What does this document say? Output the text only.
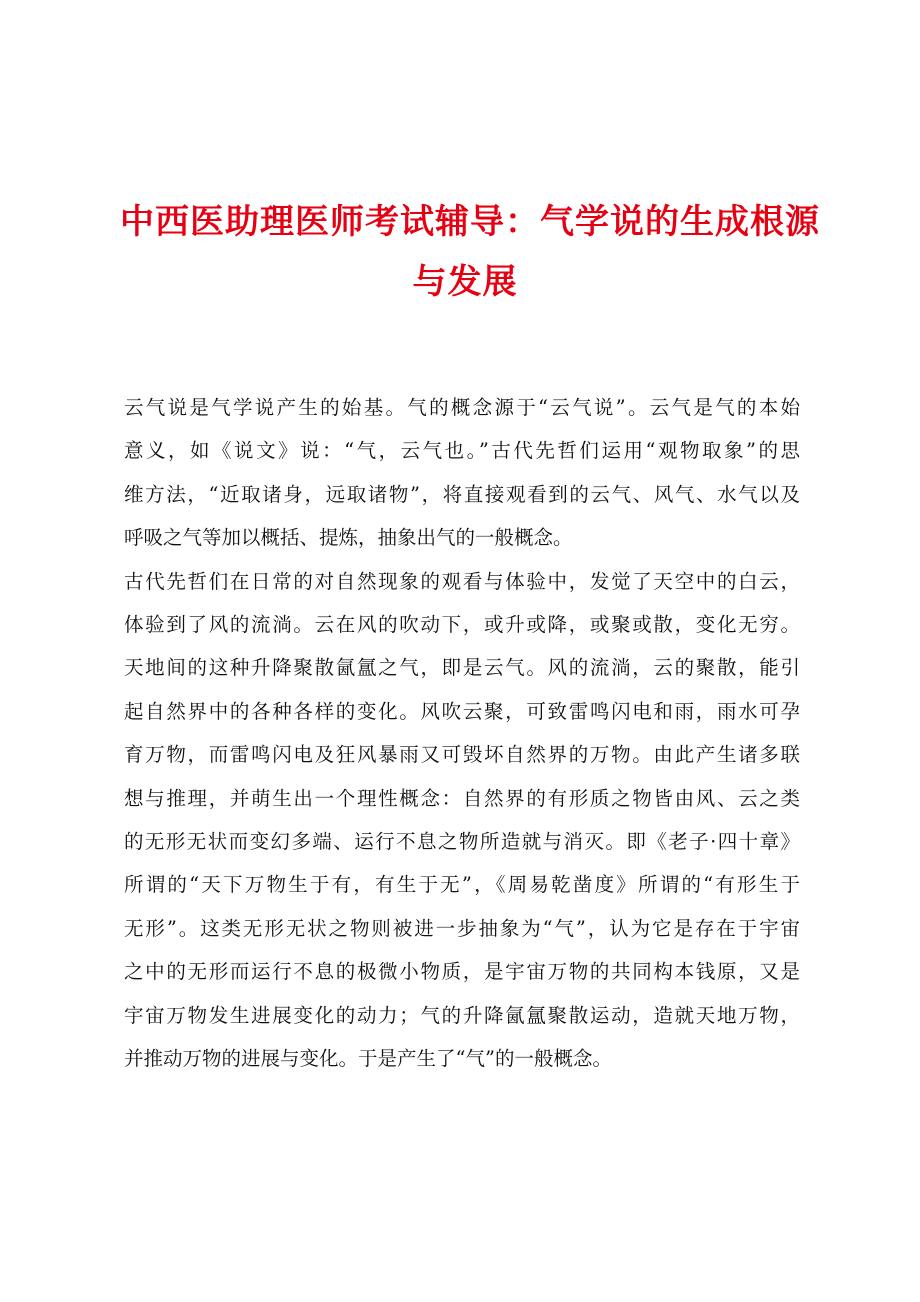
中西医助理医师考试辅导：气学说的生成根源
与发展

云气说是气学说产生的始基。气的概念源于“云气说”。云气是气的本始
意义，如《说文》说：“气，云气也。”古代先哲们运用“观物取象”的思
维方法，“近取诸身，远取诸物”，将直接观看到的云气、风气、水气以及
呼吸之气等加以概括、提炼，抽象出气的一般概念。

古代先哲们在日常的对自然现象的观看与体验中，发觉了天空中的白云，
体验到了风的流淌。云在风的吹动下，或升或降，或聚或散，变化无穷。
天地间的这种升降聚散氤氲之气，即是云气。风的流淌，云的聚散，能引
起自然界中的各种各样的变化。风吹云聚，可致雷鸣闪电和雨，雨水可孕
育万物，而雷鸣闪电及狂风暴雨又可毁坏自然界的万物。由此产生诸多联
想与推理，并萌生出一个理性概念：自然界的有形质之物皆由风、云之类
的无形无状而变幻多端、运行不息之物所造就与消灭。即《老子·四十章》
所谓的“天下万物生于有，有生于无”，《周易乾凿度》所谓的“有形生于
无形”。这类无形无状之物则被进一步抽象为“气”，认为它是存在于宇宙
之中的无形而运行不息的极微小物质，是宇宙万物的共同构本钱原，又是
宇宙万物发生进展变化的动力；气的升降氤氲聚散运动，造就天地万物，
并推动万物的进展与变化。于是产生了“气”的一般概念。
